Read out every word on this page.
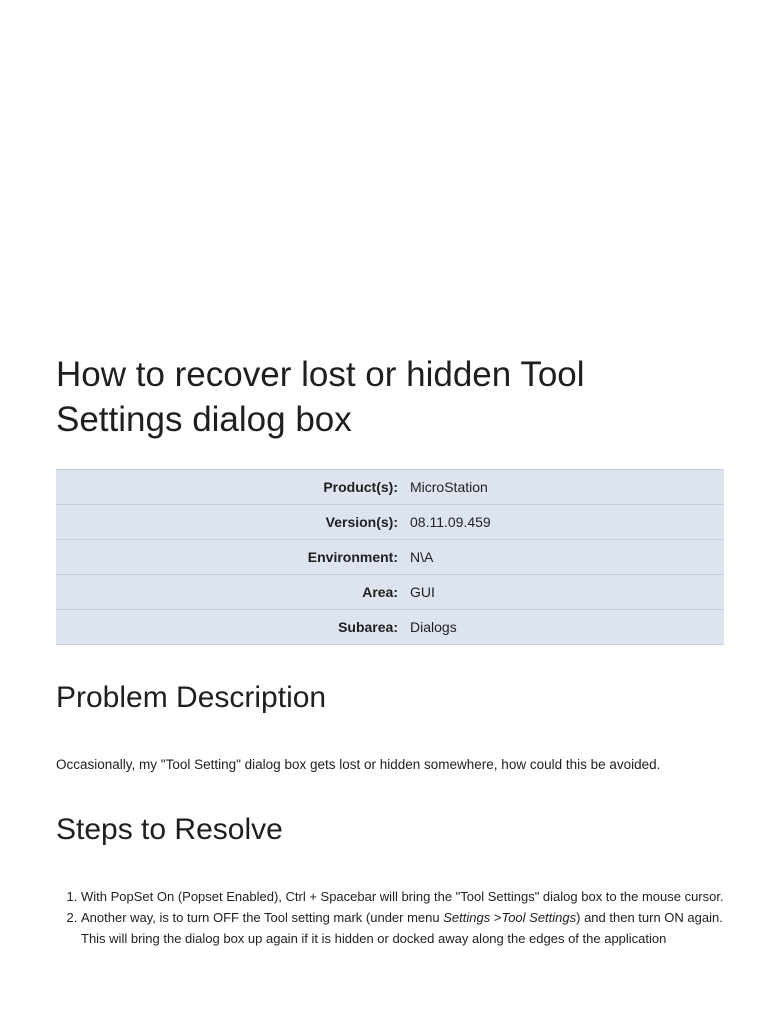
How to recover lost or hidden Tool Settings dialog box
Product(s):	MicroStation
Version(s):	08.11.09.459
Environment:	N\A
Area:	GUI
Subarea:	Dialogs
Problem Description

Occasionally, my "Tool Setting" dialog box gets lost or hidden somewhere, how could this be avoided.

Steps to Resolve
1. With PopSet On (Popset Enabled), Ctrl + Spacebar will bring the "Tool Settings" dialog box to the mouse cursor.
2. Another way, is to turn OFF the Tool setting mark (under menu Settings >Tool Settings) and then turn ON again. This will bring the dialog box up again if it is hidden or docked away along the edges of the application
